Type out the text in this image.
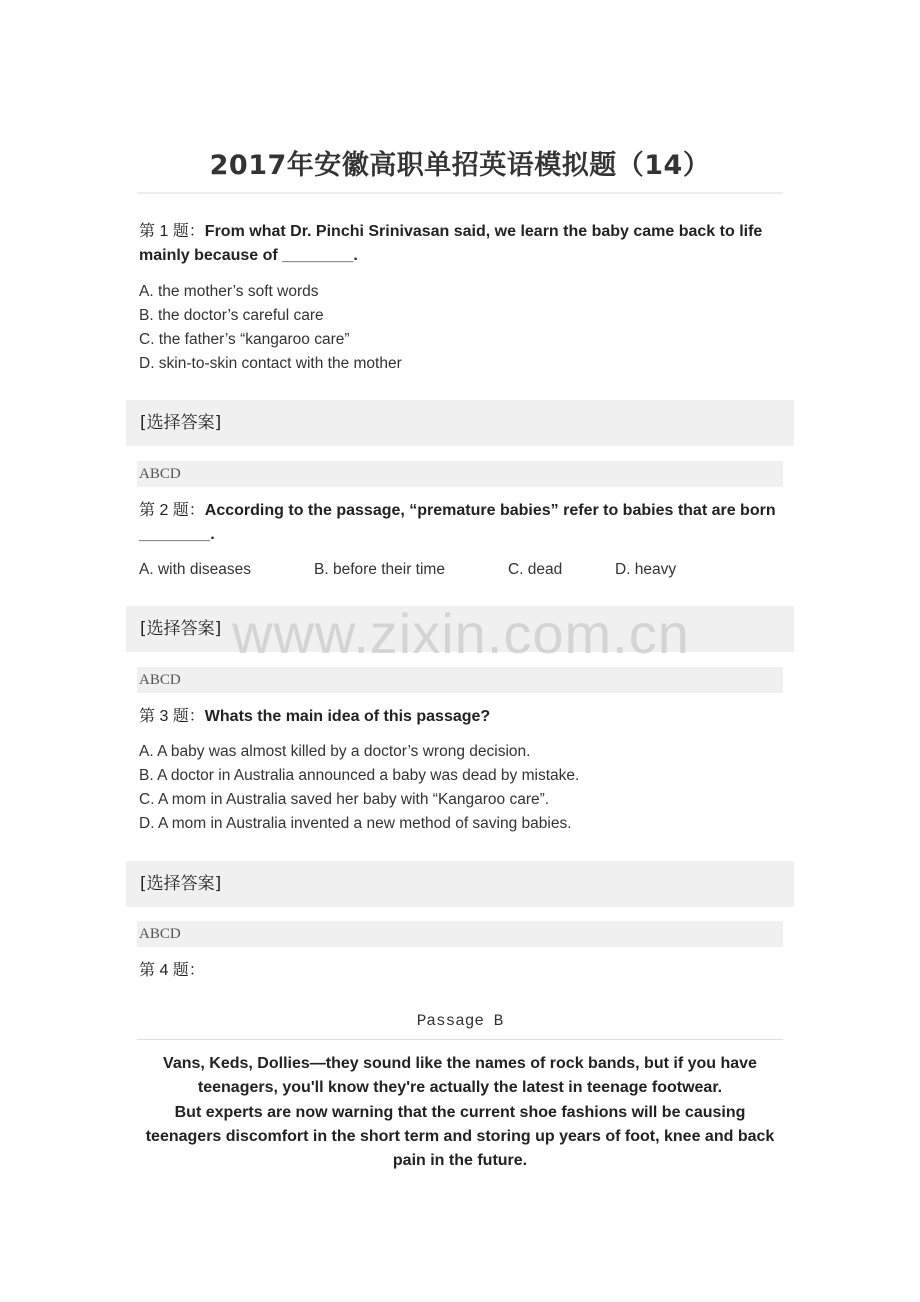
2017年安徽高职单招英语模拟题（14）
第 1 题：From what Dr. Pinchi Srinivasan said, we learn the baby came back to life mainly because of ________.
A. the mother’s soft words
B. the doctor’s careful care
C. the father’s “kangaroo care”
D. skin-to-skin contact with the mother
[选择答案]
ABCD
第 2 题：According to the passage, “premature babies” refer to babies that are born ________.
A. with diseases	B. before their time	C. dead	D. heavy
[选择答案]
ABCD
第 3 题：Whats the main idea of this passage?
A. A baby was almost killed by a doctor’s wrong decision.
B. A doctor in Australia announced a baby was dead by mistake.
C. A mom in Australia saved her baby with “Kangaroo care”.
D. A mom in Australia invented a new method of saving babies.
[选择答案]
ABCD
第 4 题：
Passage B
Vans, Keds, Dollies—they sound like the names of rock bands, but if you have
teenagers, you'll know they're actually the latest in teenage footwear.
But experts are now warning that the current shoe fashions will be causing
teenagers discomfort in the short term and storing up years of foot, knee and back
pain in the future.
www.zixin.com.cn
